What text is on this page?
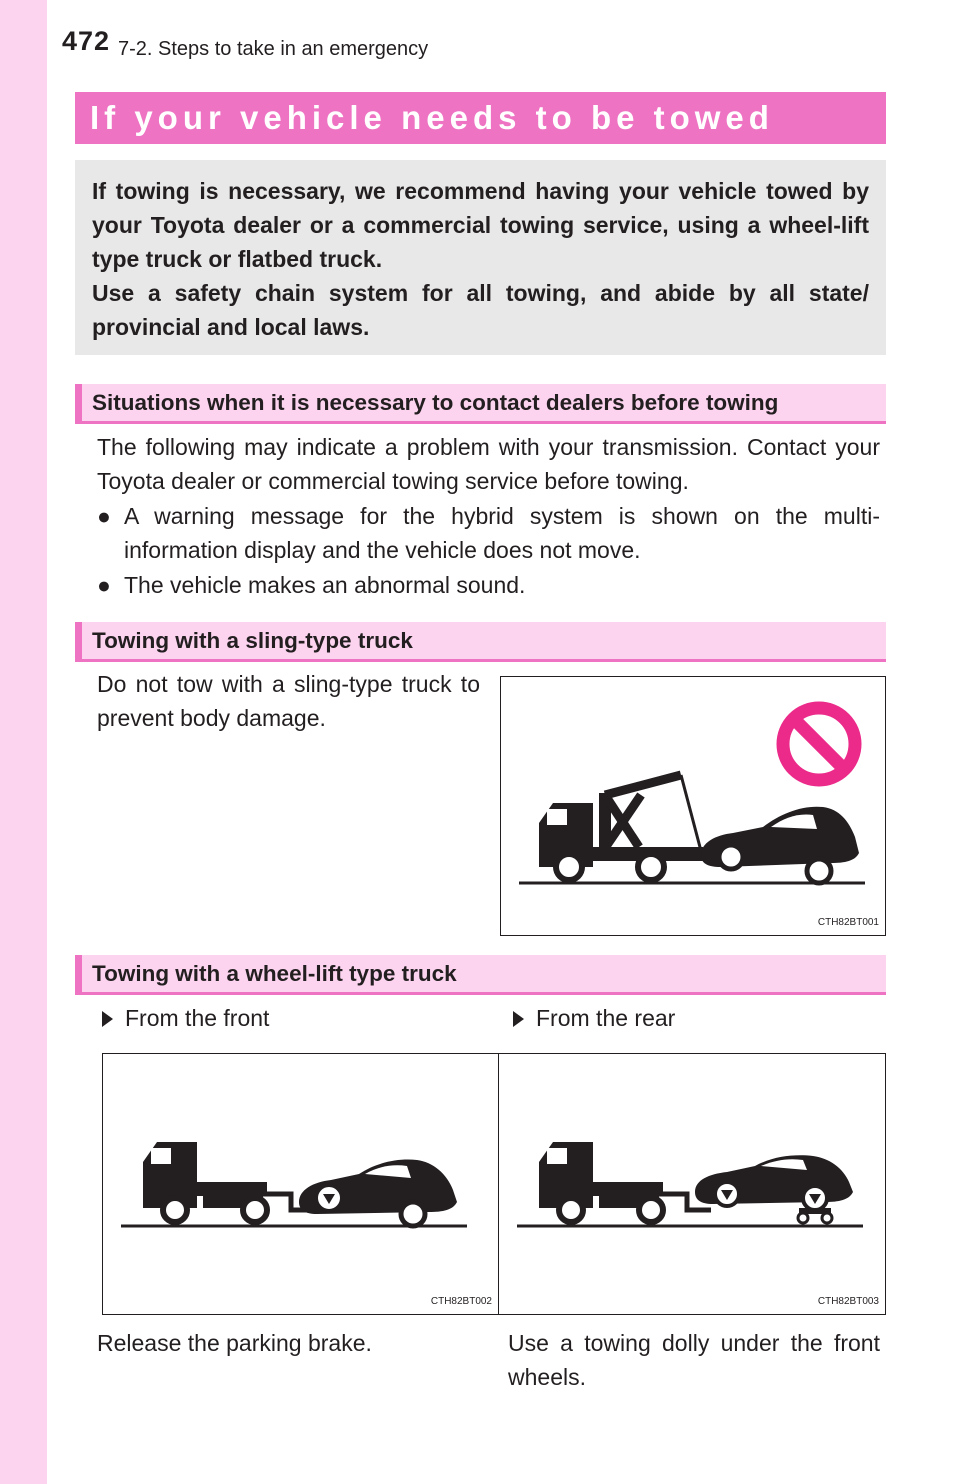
472 7-2. Steps to take in an emergency
If your vehicle needs to be towed

If towing is necessary, we recommend having your vehicle towed by your Toyota dealer or a commercial towing service, using a wheel-lift type truck or flatbed truck.

Use a safety chain system for all towing, and abide by all state/ provincial and local laws.

Situations when it is necessary to contact dealers before towing

The following may indicate a problem with your transmission. Contact your Toyota dealer or commercial towing service before towing.

● A warning message for the hybrid system is shown on the multi-information display and the vehicle does not move.
● The vehicle makes an abnormal sound.
Towing with a sling-type truck

Do not tow with a sling-type truck to prevent body damage.

CTH82BT001
Towing with a wheel-lift type truck
From the front	From the rear
CTH82BT002	CTH82BT003

Release the parking brake.	Use a towing dolly under the front wheels.
